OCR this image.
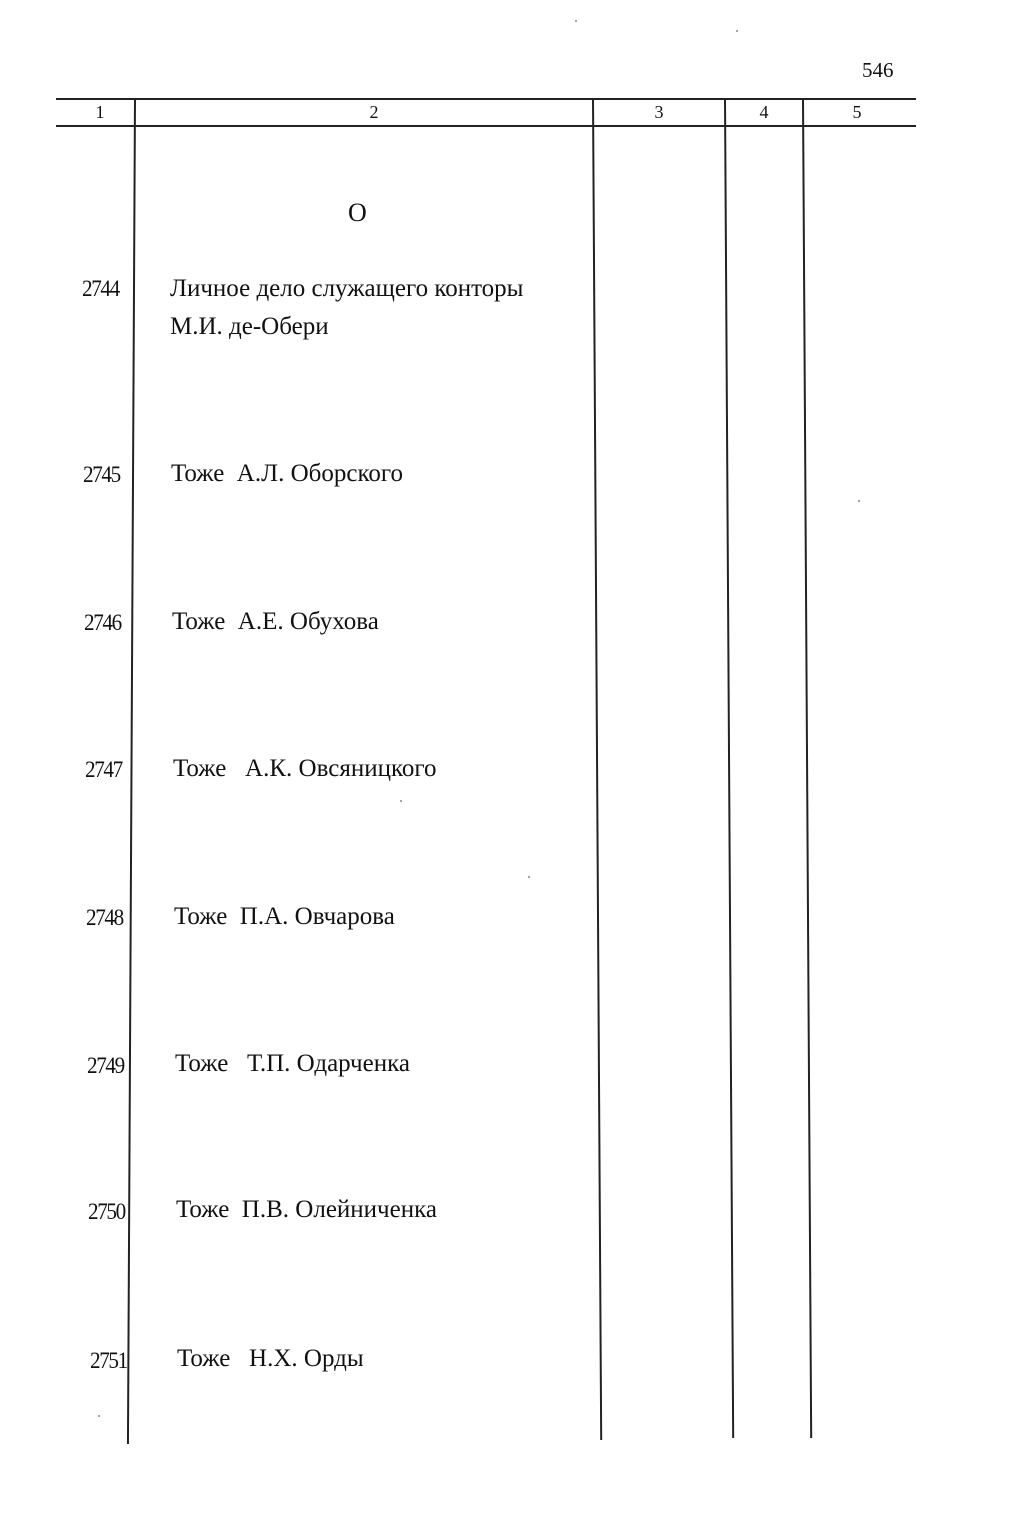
546
1	2	3	4	5
О
2744 Личное дело служащего конторы
М.И. де-Обери
2745 Тоже  А.Л. Оборского
2746 Тоже  А.Е. Обухова
2747 Тоже   А.К. Овсяницкого
2748 Тоже  П.А. Овчарова
2749 Тоже   Т.П. Одарченка
2750 Тоже  П.В. Олейниченка
2751 Тоже   Н.Х. Орды
